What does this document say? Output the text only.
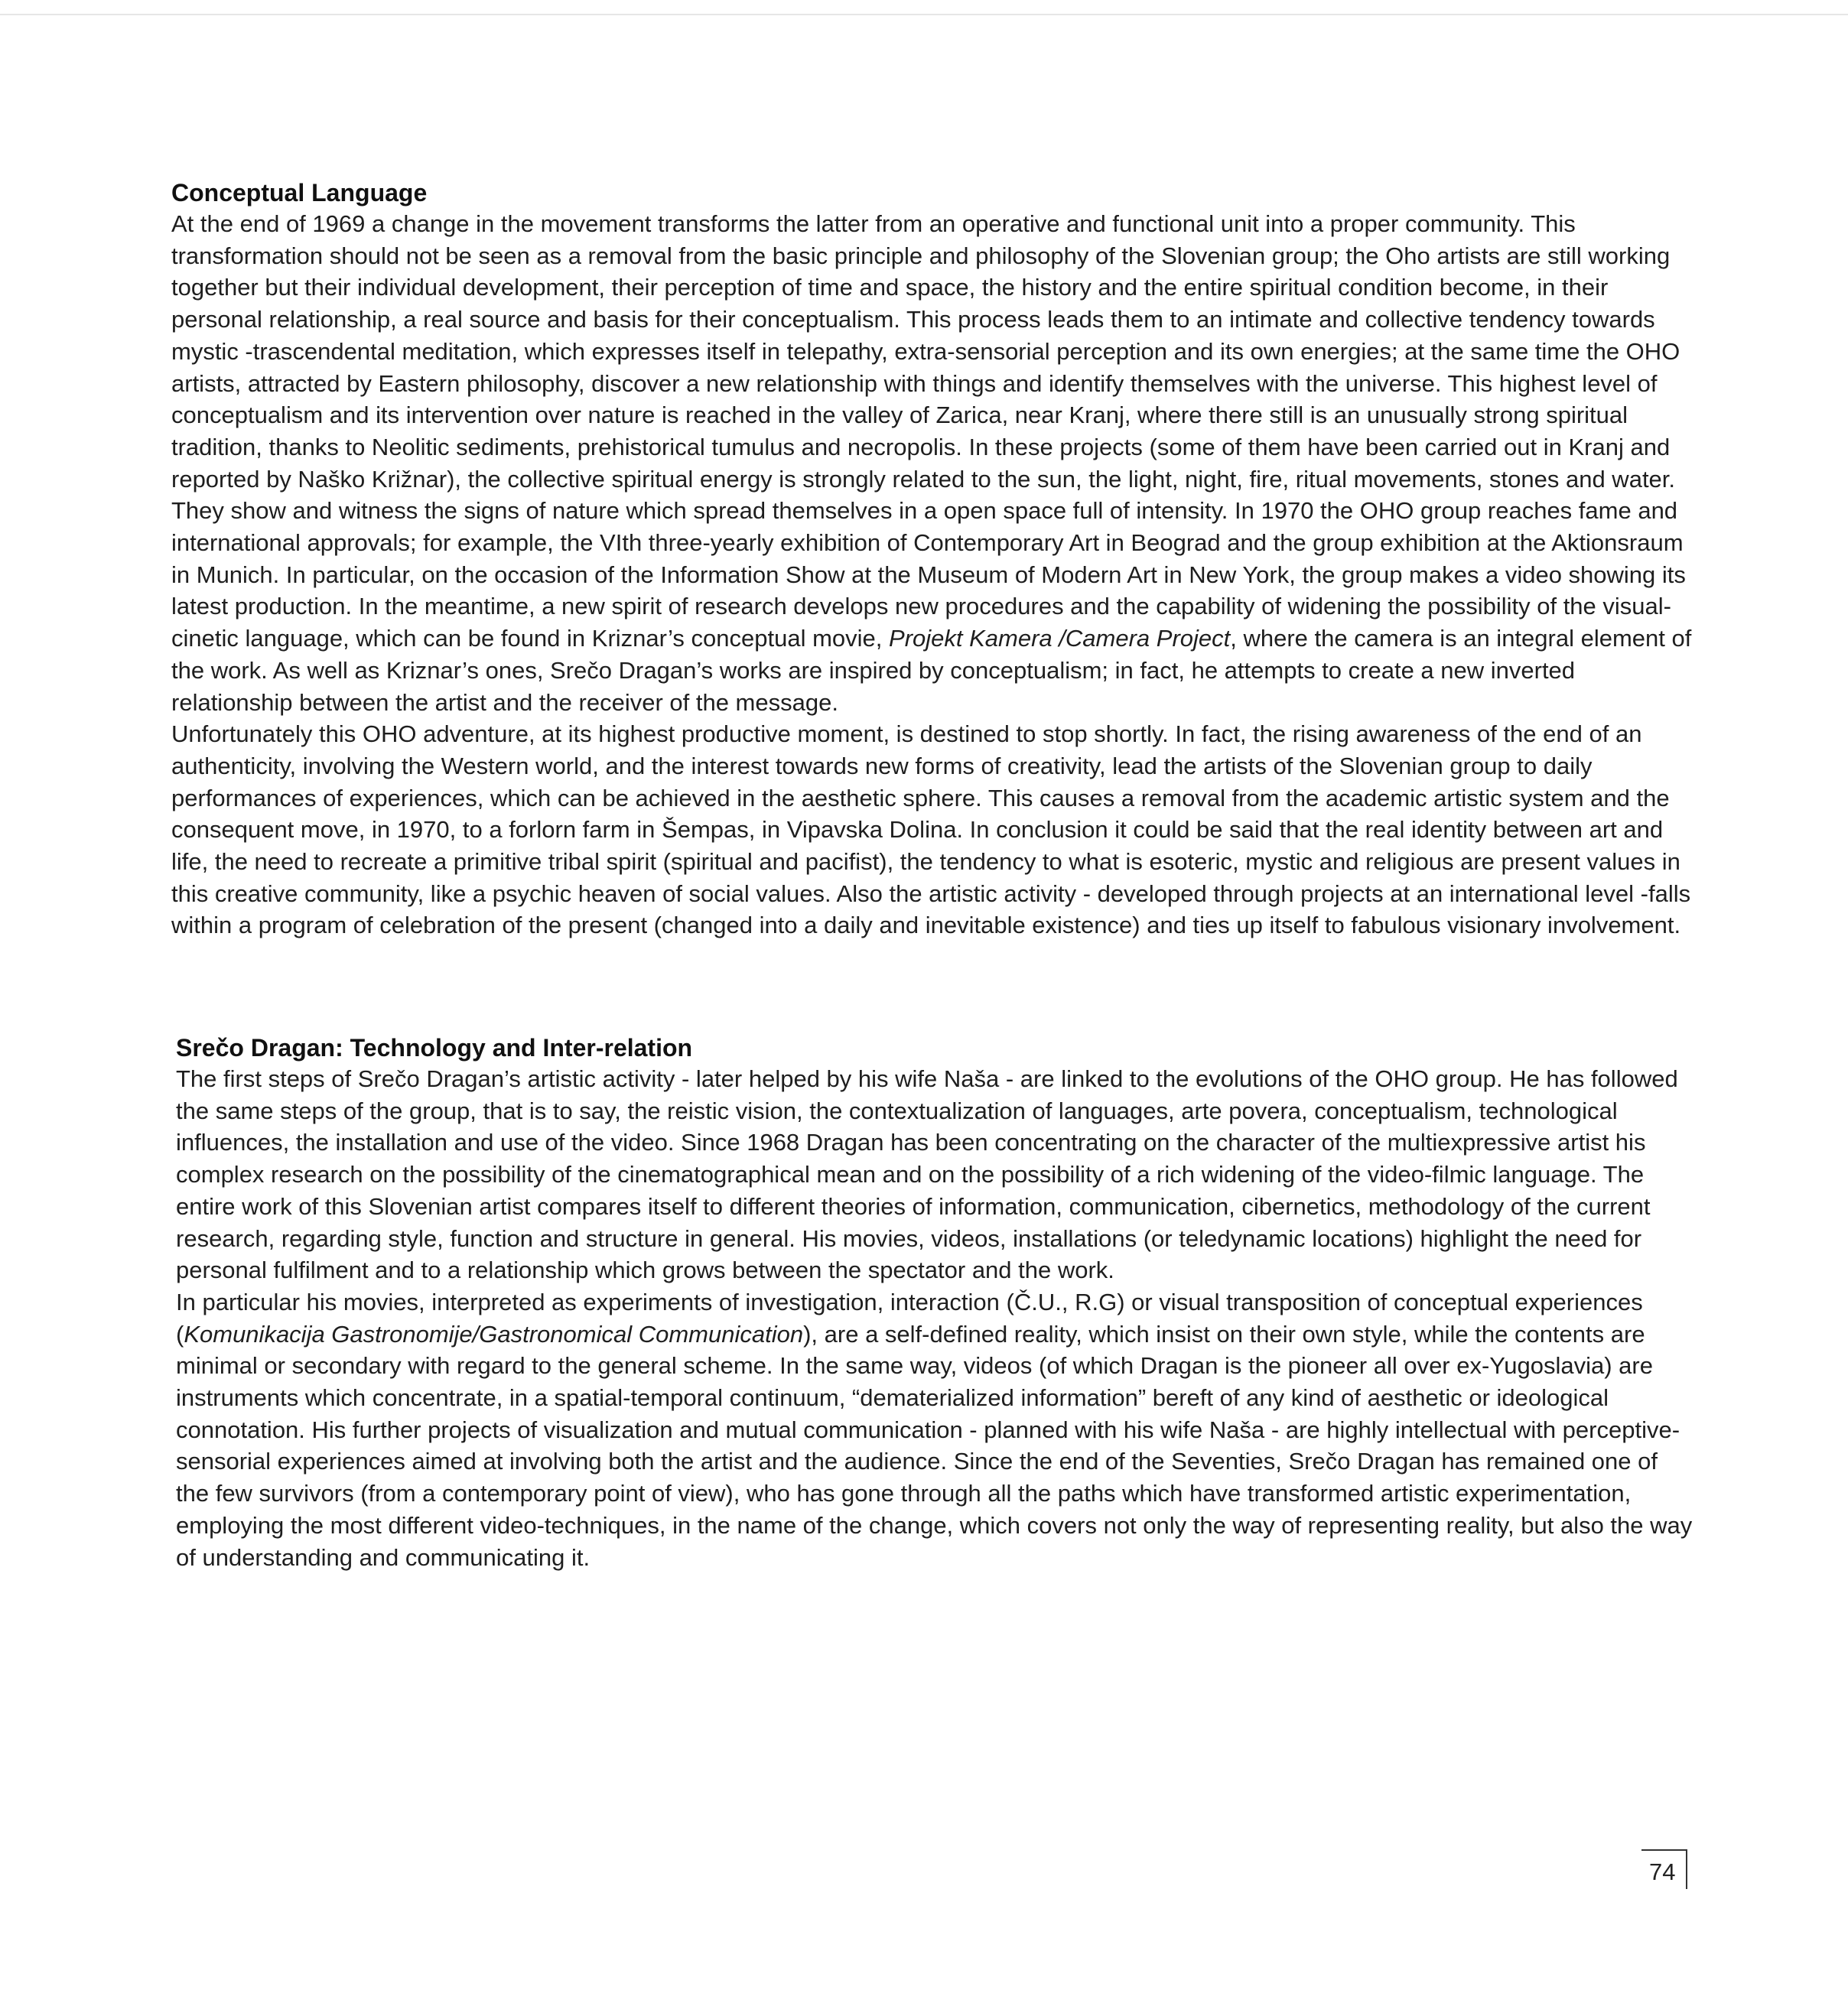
Conceptual Language

At the end of 1969 a change in the movement transforms the latter from an operative and functional unit into a proper community. This transformation should not be seen as a removal from the basic principle and philosophy of the Slovenian group; the Oho artists are still working together but their individual development, their perception of time and space, the history and the entire spiritual condition become, in their personal relationship, a real source and basis for their conceptualism. This process leads them to an intimate and collective tendency towards mystic -trascendental meditation, which expresses itself in telepathy, extra-sensorial perception and its own energies; at the same time the OHO artists, attracted by Eastern philosophy, discover a new relationship with things and identify themselves with the universe. This highest level of conceptualism and its intervention over nature is reached in the valley of Zarica, near Kranj, where there still is an unusually strong spiritual tradition, thanks to Neolitic sediments, prehistorical tumulus and necropolis. In these projects (some of them have been carried out in Kranj and reported by Naško Križnar), the collective spiritual energy is strongly related to the sun, the light, night, fire, ritual movements, stones and water. They show and witness the signs of nature which spread themselves in a open space full of intensity. In 1970 the OHO group reaches fame and international approvals; for example, the VIth three-yearly exhibition of Contemporary Art in Beograd and the group exhibition at the Aktionsraum in Munich. In particular, on the occasion of the Information Show at the Museum of Modern Art in New York, the group makes a video showing its latest production. In the meantime, a new spirit of research develops new procedures and the capability of widening the possibility of the visual-cinetic language, which can be found in Kriznar’s conceptual movie, Projekt Kamera /Camera Project, where the camera is an integral element of the work. As well as Kriznar’s ones, Srečo Dragan’s works are inspired by conceptualism; in fact, he attempts to create a new inverted relationship between the artist and the receiver of the message.

Unfortunately this OHO adventure, at its highest productive moment, is destined to stop shortly. In fact, the rising awareness of the end of an authenticity, involving the Western world, and the interest towards new forms of creativity, lead the artists of the Slovenian group to daily performances of experiences, which can be achieved in the aesthetic sphere. This causes a removal from the academic artistic system and the consequent move, in 1970, to a forlorn farm in Šempas, in Vipavska Dolina. In conclusion it could be said that the real identity between art and life, the need to recreate a primitive tribal spirit (spiritual and pacifist), the tendency to what is esoteric, mystic and religious are present values in this creative community, like a psychic heaven of social values. Also the artistic activity - developed through projects at an international level -falls within a program of celebration of the present (changed into a daily and inevitable existence) and ties up itself to fabulous visionary involvement.

Srečo Dragan: Technology and Inter-relation

The first steps of Srečo Dragan’s artistic activity - later helped by his wife Naša - are linked to the evolutions of the OHO group. He has followed the same steps of the group, that is to say, the reistic vision, the contextualization of languages, arte povera, conceptualism, technological influences, the installation and use of the video. Since 1968 Dragan has been concentrating on the character of the multiexpressive artist his complex research on the possibility of the cinematographical mean and on the possibility of a rich widening of the video-filmic language. The entire work of this Slovenian artist compares itself to different theories of information, communication, cibernetics, methodology of the current research, regarding style, function and structure in general. His movies, videos, installations (or teledynamic locations) highlight the need for personal fulfilment and to a relationship which grows between the spectator and the work.

In particular his movies, interpreted as experiments of investigation, interaction (Č.U., R.G) or visual transposition of conceptual experiences (Komunikacija Gastronomije/Gastronomical Communication), are a self-defined reality, which insist on their own style, while the contents are minimal or secondary with regard to the general scheme. In the same way, videos (of which Dragan is the pioneer all over ex-Yugoslavia) are instruments which concentrate, in a spatial-temporal continuum, “dematerialized information” bereft of any kind of aesthetic or ideological connotation. His further projects of visualization and mutual communication - planned with his wife Naša - are highly intellectual with perceptive-sensorial experiences aimed at involving both the artist and the audience. Since the end of the Seventies, Srečo Dragan has remained one of the few survivors (from a contemporary point of view), who has gone through all the paths which have transformed artistic experimentation, employing the most different video-techniques, in the name of the change, which covers not only the way of representing reality, but also the way of understanding and communicating it.

74
